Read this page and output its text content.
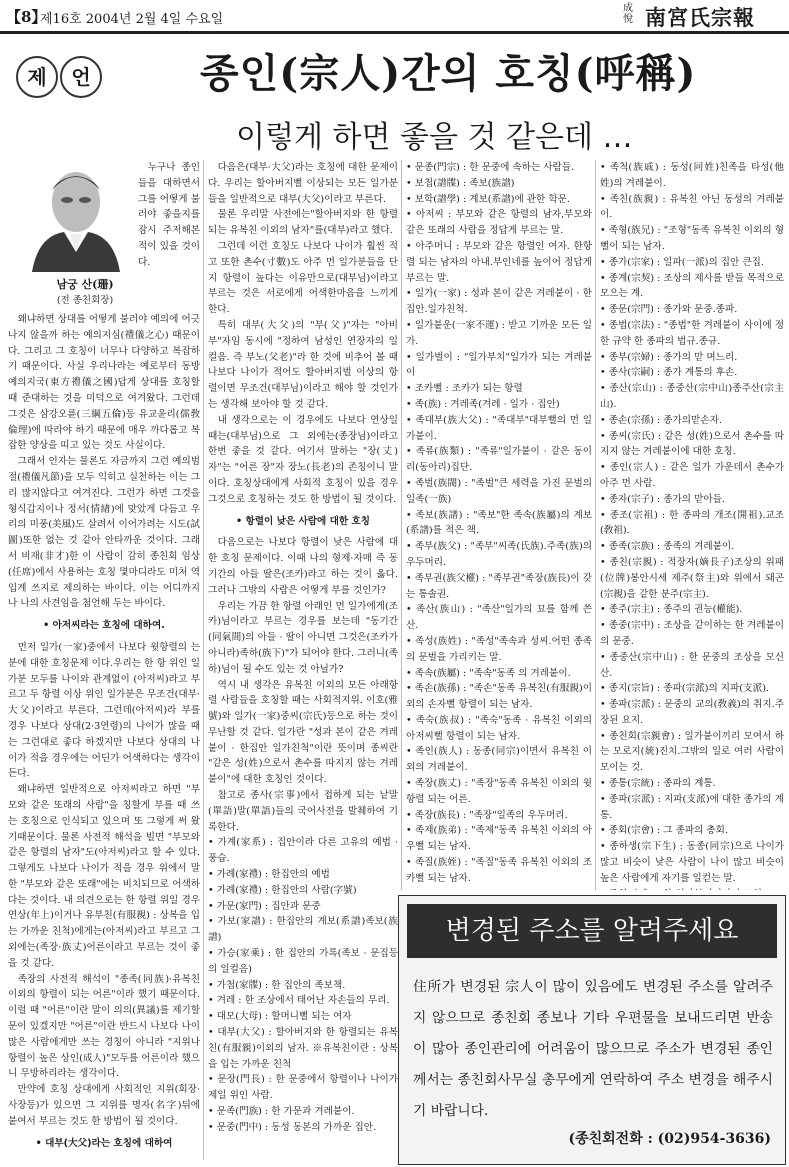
【8】
제16호 2004년 2월 4일 수요일
成悅 南宮氏宗報
제	언	종인(宗人)간의 호칭(呼稱)
이렇게 하면 좋을 것 같은데 …
남궁 산(珊)
(전 종친회장)

누구나 종인들을 대하면서 그를 어떻게 불러야 좋을지를 잠시 주저해본 적이 있을 것이다.

왜냐하면 상대를 어떻게 불러야 예의에 어긋나지 않을까 하는 예의지심(禮儀之心) 때문이다. 그리고 그 호칭이 너무나 다양하고 복잡하기 때문이다. 사실 우리나라는 예로부터 동방예의지국(東方禮儀之國)답게 상대를 호칭할 때 준대하는 것을 미덕으로 여겨왔다. 그런데 그것은 삼강오륜(三綱五倫)등 유교윤리(儒敎倫理)에 따라야 하기 때문에 매우 까다롭고 복잡한 양상을 띠고 있는 것도 사실이다.

그래서 인자는 물론도 자금까지 그런 예의범절(禮儀凡節)을 모두 익히고 실천하는 이는 그리 많지않다고 여겨진다. 그런가 하면 그것을 형식갑지이나 정서(情緖)에 맞았게 다듬고 우리의 미풍(美風)도 살려서 이어가려는 시도(試圖)또한 없는 것 같아 안타까운 것이다. 그래서 비재(非才)한 이 사람이 감히 종친회 임상(任席)에서 사용하는 호칭 몇마디라도 미처 역입계 쓰지로 제의하는 바이다. 이는 어디까지나 나의 사견임을 첨언해 두는 바이다.

• 아저씨라는 호칭에 대하여.

먼저 일가(一家)중에서 나보다 윗항렬의 는 분에 대한 호칭문제 이다.우리는 한 항 위인 일가분 모두를 나이와 관계없이 (아저씨)라고 부르고 두 항렬 이상 위인 일가분은 무조건(대부·大父)이라고 부른다. 그런데(아저씨)라 부를 경우 나보다 상대(2·3연령)의 나이가 많을 때는 그런대로 좋다 하겠지만 나보다 상대의 나이가 적을 경우에는 어딘가 어색하다는 생각이 든다.

왜냐하면 일반적으로 아저씨라고 하면 "부모와 같은 또래의 사람"을 칭할게 부를 때 쓰는 호칭으로 인식되고 있으며 또 그렇게 써 왔기때문이다. 물론 사전적 해석을 빌면 "부모와 같은 항렬의 남자"도(아저씨)라고 할 수 있다. 그렇게도 나보다 나이가 적을 경우 위에서 말한 "부모와 같은 또래"에는 비치되므로 어색하다는 것이다. 내 의견으로는 한 항렬 위일 경우 연상(年上)이거나 유부친(有服親) : 상복을 입는 가까운 친척)에게는(아저씨)라고 부르고 그 외에는(족장·族丈)어른이라고 부르는 것이 좋을 것 같다.

족장의 사전적 해석이 "종족(同族)·유복친 이외의 항렬이 되는 어른"이라 했기 때문이다.이럴 때 "어른"이란 말이 의의(異議)를 제기할 문이 있겠지만 "어른"이란 반드시 나보다 나이 많은 사람에게만 쓰는 경칭이 아니라 "지위나 항렬이 높은 상인(成人)"모두를 어른이라 했으니 무방하리라는 생각이다.

만약에 호칭 상대에게 사회적인 지위(회장·사장등)가 있으면 그 지위를 명자(名字)뒤에 붙여서 부르는 것도 한 방법이 될 것이다.

• 대부(大父)라는 호칭에 대하여

다음은(대부·大父)라는 호칭에 대한 문제이다. 우리는 할아버지뻘 이상되는 모든 일가분들을 일반적으로 대부(大父)이라고 부른다.

물론 우리말 사전에는"할아버지와 한 항렬되는 유복친 이외의 남자"를(대부)라고 했다.

그런데 이런 호칭도 나보다 나이가 훨씬 적고 또한 촌수(寸數)도 아주 먼 일가분들을 단지 항렬이 높다는 이유만으로(대부님)이라고 부르는 것은 서로에게 어색한마음을 느끼게 한다.

특히 대부(大父)의 "부(父)"자는 "아비 부"자임 동시에 "정하여 남성인 연장자의 일컬음. 즉 부노(父老)"라 한 것에 비추어 볼 때 나보다 나이가 적어도 할아버지벌 이상의 항렬이면 무조건(대부님)이라고 해야 할 것인가는 생각해 보아야 할 것 같다.

내 생각으로는 이 경우에도 나보다 연상일 때는(대부님)으로 그 외에는(종장님)이라고 한번 좋을 것 같다. 여기서 말하는 "장(丈)자"는 "어른 장"자 장노(長老)의 존칭이니 말이다. 호칭상대에게 사회적 호칭이 있을 경우 그것으로 호칭하는 것도 한 방법이 될 것이다.

• 항렬이 낮은 사람에 대한 호칭

다음으로는 나보다 항렬이 낮은 사람에 대한 호칭 문제이다. 이때 나의 형제·자매 즉 동기간의 아들 딸은(조카)라고 하는 것이 옳다. 그러나 그밖의 사람은 어떻게 부를 것인가?

우리는 가끔 한 항렬 아래인 먼 일가에게(조카)님이라고 부르는 경우를 보는데 "동기간(同氣間)의 아들 · 딸이 아니면 그것은(조카가 아니라)족하(族下)"가 되어야 한다. 그러니(족하)님이 될 수도 있는 것 아닐가?

역시 내 생각은 유복친 이외의 모든 아래항렬 사람들을 호칭할 때는 사회적지위. 이호(雅號)와 일가(一家)중씨(宗氏)등으로 하는 것이 무난할 것 같다. 일가란 "성과 본이 같은 겨레붙이 · 한집안 일가친척"이란 뜻이며 종씨란 "같은 성(姓)으로서 촌수를 따지지 않는 겨레붙이"에 대한 호칭인 것이다.

참고로 종사(宗事)에서 접하게 되는 낱말(單語)말(單語)들의 국어사전을 발췌하여 기록한다.

• 가계(家系) : 집안이라 다른 고유의 예법 · 풍습.

• 가례(家禮) : 한집안의 예법

• 가례(家禮) : 한집안의 사람(字號)

• 가문(家門) : 집안과 문중

• 가보(家譜) : 한집안의 계보(系譜)족보(族譜)

• 가승(家乘) : 한 집안의 가록(족보 · 문집등의 일컬음)

• 가첩(家牒) : 한 집안의 족보책.

• 겨레 : 한 조상에서 태어난 자손들의 무리.

• 대모(大母) : 할머니뻘 되는 여자

• 대부(大父) : 할아버지와 한 항렬되는 유복친(有服親)이외의 남자. ※유복친이란 : 상복을 입는 가까운 친척

• 문장(門長) : 한 문중에서 항렬이나 나이가 제일 위인 사람.

• 문족(門族) : 한 가문과 겨레붙이.

• 문중(門中) : 동성 동본의 가까운 집안.

• 문종(門宗) : 한 문중에 속하는 사람들.

• 보첩(譜牒) : 족보(族譜)

• 보학(譜學) : 계보(系譜)에 관한 학문.

• 아저씨 : 부모와 같은 항렬의 남자,부모와 같은 또래의 사람을 정답게 부르는 말.

• 아주머니 : 부모와 같은 항렬인 여자. 한항렬 되는 남자의 아내.부인네를 높이어 정답게 부르는 말.

• 일가(一家) : 성과 본이 같은 겨레붙이 · 한집안.일가친척.

• 일가붙운(一家不運) : 받고 기까운 모든 일가.

• 일가벌이 : "일가부치"일가가 되는 겨레붙이

• 조카뻘 : 조카가 되는 항렬

• 족(族) : 겨레족(겨레 · 일가 · 집안)

• 족대부(族大父) : "족대부"대부뻘의 먼 일가붙이.

• 족류(族類) : "족류"일가붙이 · 같은 동이리(동아리)집단.

• 족벌(族閥) : "족벌"큰 세력을 가진 문벌의 일족(一族)

• 족보(族譜) : "족보"한 족속(族屬)의 계보(系譜)를 적은 책.

• 족부(族父) : "족부"씨족(氏族).주족(族)의 우두머리.

• 족부권(族父權) : "족부권"족장(族長)이 갖는 통솔권.

• 족산(族山) : "족산"일가의 묘를 함께 쓴 산.

• 족성(族姓) : "족성"족속과 성씨.어떤 종족의 문벌을 가리키는 말.

• 족속(族屬) : "족속"동족 의 겨레붙이.

• 족손(族孫) : "족손"동족 유복친(有服親)이외의 손자뻘 항렬이 되는 남자.

• 족숙(族叔) : "족숙"동족 · 유복친 이외의 아저씨뻘 항렬이 되는 남자.

• 족인(族人) : 동종(同宗)이면서 유복친 이외의 겨레붙이.

• 족장(族丈) : "족장"동족 유복친 이외의 윗 항렬 되는 어른.

• 족장(族長) : "족장"일족의 우두머리.

• 족제(族弟) : "족제"동족 유복친 이외의 아우뻘 되는 남자.

• 족질(族姪) : "족질"동족 유복친 이외의 조카뻘 되는 남자.

• 족척(族戚) : 동성(同姓)친족을 타성(他姓)의 겨레붙이.

• 족친(族親) : 유복친 아닌 동성의 겨레붙이.

• 족형(族兄) : "조형"동족 유복친 이외의 형뻘이 되는 남자.

• 종가(宗家) : 일파(一派)의 집안 큰집.

• 종계(宗契) : 조상의 제사를 받들 목적으로 모으는 계.

• 종문(宗門) : 종가와 문중.종파.

• 종법(宗法) : "종법"한 겨레붙이 사이에 정한 규약 한 종파의 법규.종규.

• 종부(宗婦) : 종가의 맏 며느리.

• 종사(宗嗣) : 종가 계통의 후손.

• 종산(宗山) : 종중산(宗中山)종주산(宗主山).

• 종손(宗孫) : 종가의맏손자.

• 종씨(宗氏) : 같은 성(姓)으로서 촌수를 따지지 않는 겨레붙이에 대한 호칭.

• 종인(宗人) : 같은 일가 가운데서 촌수가 아주 먼 사람.

• 종자(宗子) : 종가의 맏아들.

• 종조(宗祖) : 한 종파의 개조(開祖).교조(敎祖).

• 종족(宗族) : 종족의 겨레붙이.

• 종친(宗親) : 적장자(嫡長子)조상의 위패(位牌)봉안시세 제주(祭主)와 위에서 돼곤(宗親)을 같한 분주(宗主).

• 종주(宗主) : 종주의 권능(權能).

• 종중(宗中) : 조상을 같이하는 한 겨레붙이의 문중.

• 종중산(宗中山) : 한 문중의 조상을 모신 산.

• 종지(宗旨) : 종파(宗派)의 지파(支派).

• 종파(宗派) : 문중의 교의(敎義)의 취지.주장된 요지.

• 종친회(宗親會) : 일가붙이끼리 모여서 하는 모로지(統)진치.그밖의 일로 여러 사람이 모이는 것.

• 종통(宗統) : 종파의 계통.

• 종파(宗派) : 지파(支派)에 대한 종가의 계통.

• 종회(宗會) : 그 종파의 총회.

• 종하생(宗下生) : 동종(同宗)으로 나이가 많고 비슷이 낮은 사람이 나이 많고 비슷이 높은 사람에게 자기를 일컫는 말.

변경된 주소를 알려주세요
住所가 변경된 宗人이 많이 있음에도 변경된 주소를 알려주지 않으므로 종친회 종보나 기타 우편물을 보내드리면 반송이 많아 종인관리에 어려움이 많으므로 주소가 변경된 종인께서는 종친회사무실 총무에게 연락하여 주소 변경을 해주시기 바랍니다.
(종친회전화 : (02)954-3636)
